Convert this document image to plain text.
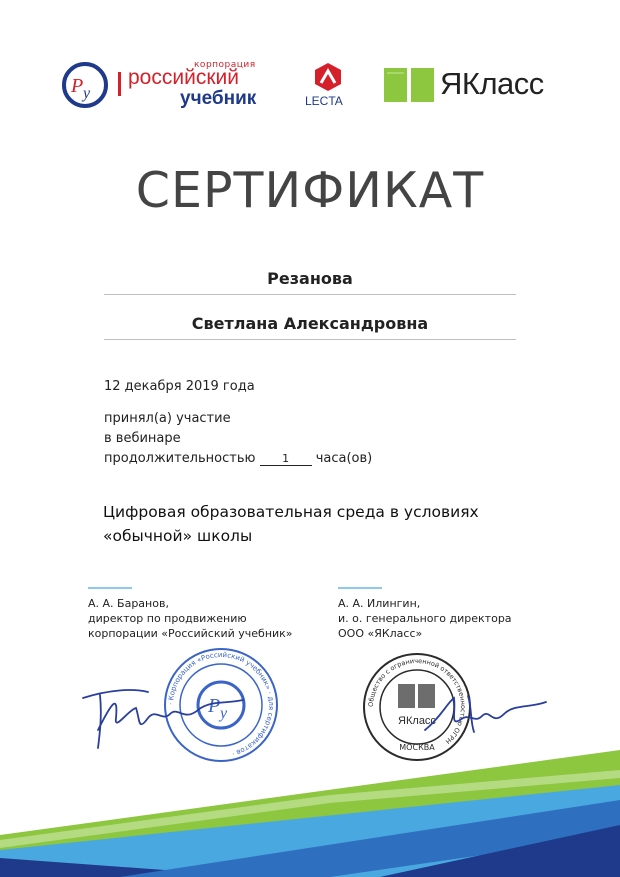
Р у
корпорация
российский
учебник	LECTA	ЯКласс
СЕРТИФИКАТ
Резанова
Светлана Александровна
12 декабря 2019 года
принял(а) участие
в вебинаре
продолжительностью 1 часа(ов)
Цифровая образовательная среда в условиях
«обычной» школы
А. А. Баранов,
директор по продвижению
корпорации «Российский учебник»
А. А. Илингин,
и. о. генерального директора
ООО «ЯКласс»
· Корпорация «Российский учебник» · для сертификатов ·
Р у
Общество с ограниченной ответственностью ОГРН
ЯКласс
МОСКВА
